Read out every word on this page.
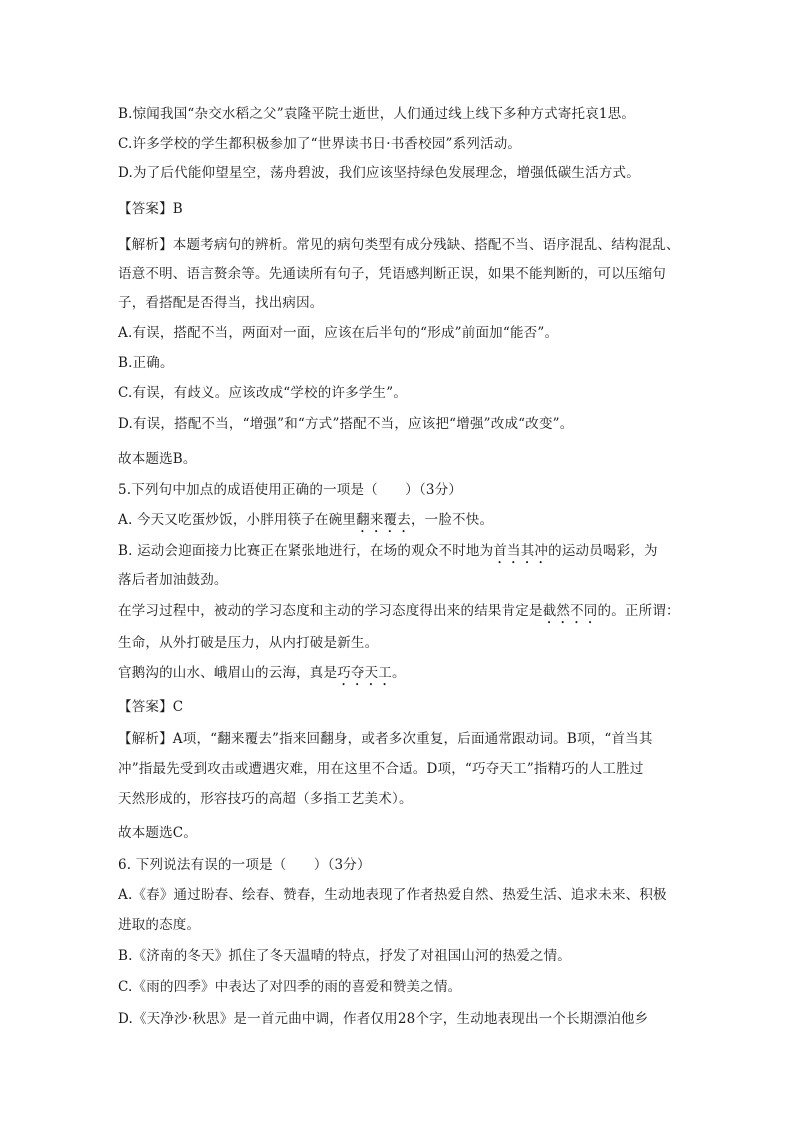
B.惊闻我国“杂交水稻之父”袁隆平院士逝世，人们通过线上线下多种方式寄托哀1思。
C.许多学校的学生都积极参加了“世界读书日·书香校园”系列活动。
D.为了后代能仰望星空，荡舟碧波，我们应该坚持绿色发展理念，增强低碳生活方式。
【答案】B
【解析】本题考病句的辨析。常见的病句类型有成分残缺、搭配不当、语序混乱、结构混乱、
语意不明、语言赘余等。先通读所有句子，凭语感判断正误，如果不能判断的，可以压缩句
子，看搭配是否得当，找出病因。
A.有误，搭配不当，两面对一面，应该在后半句的“形成”前面加“能否”。
B.正确。
C.有误，有歧义。应该改成“学校的许多学生”。
D.有误，搭配不当，“增强”和“方式”搭配不当，应该把“增强”改成“改变”。
故本题选B。
5.下列句中加点的成语使用正确的一项是（　　）（3分）
A. 今天又吃蛋炒饭，小胖用筷子在碗里翻来覆去，一脸不快。
B. 运动会迎面接力比赛正在紧张地进行，在场的观众不时地为首当其冲的运动员喝彩，为
落后者加油鼓劲。
在学习过程中，被动的学习态度和主动的学习态度得出来的结果肯定是截然不同的。正所谓：
生命，从外打破是压力，从内打破是新生。
官鹅沟的山水、峨眉山的云海，真是巧夺天工。
【答案】C
【解析】A项，“翻来覆去”指来回翻身，或者多次重复，后面通常跟动词。B项，“首当其
冲”指最先受到攻击或遭遇灾难，用在这里不合适。D项，“巧夺天工”指精巧的人工胜过
天然形成的，形容技巧的高超（多指工艺美术）。
故本题选C。
6. 下列说法有误的一项是（　　）（3分）
A.《春》通过盼春、绘春、赞春，生动地表现了作者热爱自然、热爱生活、追求未来、积极
进取的态度。
B.《济南的冬天》抓住了冬天温晴的特点，抒发了对祖国山河的热爱之情。
C.《雨的四季》中表达了对四季的雨的喜爱和赞美之情。
D.《天净沙·秋思》是一首元曲中调，作者仅用28个字，生动地表现出一个长期漂泊他乡
